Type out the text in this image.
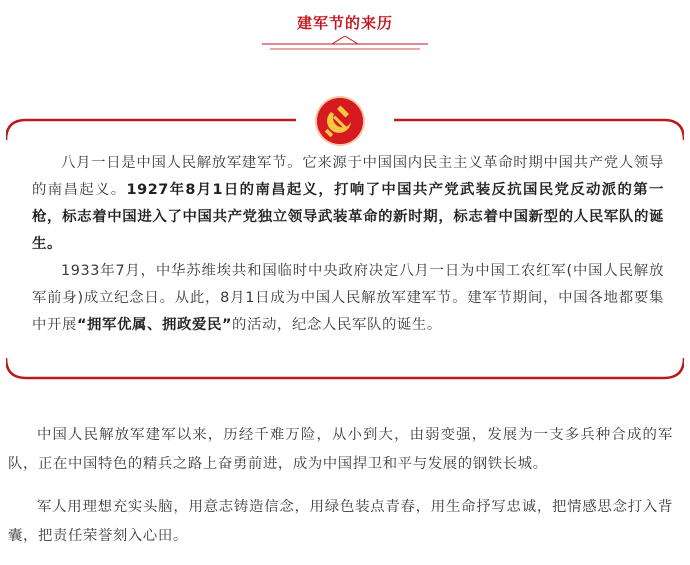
建军节的来历

八月一日是中国人民解放军建军节。它来源于中国国内民主主义革命时期中国共产党人领导的南昌起义。1927年8月1日的南昌起义，打响了中国共产党武装反抗国民党反动派的第一枪，标志着中国进入了中国共产党独立领导武装革命的新时期，标志着中国新型的人民军队的诞生。

1933年7月，中华苏维埃共和国临时中央政府决定八月一日为中国工农红军(中国人民解放军前身)成立纪念日。从此，8月1日成为中国人民解放军建军节。建军节期间，中国各地都要集中开展“拥军优属、拥政爱民”的活动，纪念人民军队的诞生。

中国人民解放军建军以来，历经千难万险，从小到大，由弱变强，发展为一支多兵种合成的军队，正在中国特色的精兵之路上奋勇前进，成为中国捍卫和平与发展的钢铁长城。

军人用理想充实头脑，用意志铸造信念，用绿色装点青春，用生命抒写忠诚，把情感思念打入背囊，把责任荣誉刻入心田。
